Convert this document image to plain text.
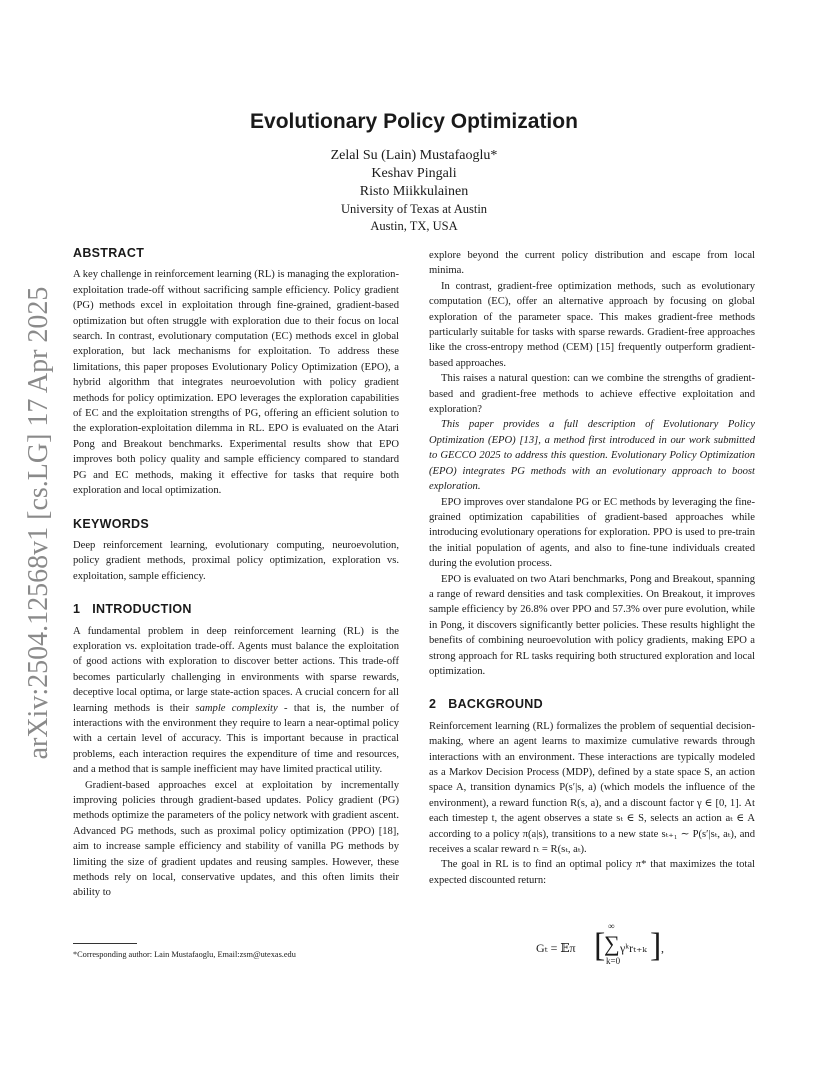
arXiv:2504.12568v1 [cs.LG] 17 Apr 2025
Evolutionary Policy Optimization
Zelal Su (Lain) Mustafaoglu*
Keshav Pingali
Risto Miikkulainen
University of Texas at Austin
Austin, TX, USA
ABSTRACT

A key challenge in reinforcement learning (RL) is managing the exploration-exploitation trade-off without sacrificing sample efficiency. Policy gradient (PG) methods excel in exploitation through fine-grained, gradient-based optimization but often struggle with exploration due to their focus on local search. In contrast, evolutionary computation (EC) methods excel in global exploration, but lack mechanisms for exploitation. To address these limitations, this paper proposes Evolutionary Policy Optimization (EPO), a hybrid algorithm that integrates neuroevolution with policy gradient methods for policy optimization. EPO leverages the exploration capabilities of EC and the exploitation strengths of PG, offering an efficient solution to the exploration-exploitation dilemma in RL. EPO is evaluated on the Atari Pong and Breakout benchmarks. Experimental results show that EPO improves both policy quality and sample efficiency compared to standard PG and EC methods, making it effective for tasks that require both exploration and local optimization.

KEYWORDS

Deep reinforcement learning, evolutionary computing, neuroevolution, policy gradient methods, proximal policy optimization, exploration vs. exploitation, sample efficiency.

1 INTRODUCTION

A fundamental problem in deep reinforcement learning (RL) is the exploration vs. exploitation trade-off. Agents must balance the exploitation of good actions with exploration to discover better actions. This trade-off becomes particularly challenging in environments with sparse rewards, deceptive local optima, or large state-action spaces. A crucial concern for all learning methods is their sample complexity - that is, the number of interactions with the environment they require to learn a near-optimal policy with a certain level of accuracy. This is important because in practical problems, each interaction requires the expenditure of time and resources, and a method that is sample inefficient may have limited practical utility.

Gradient-based approaches excel at exploitation by incrementally improving policies through gradient-based updates. Policy gradient (PG) methods optimize the parameters of the policy network with gradient ascent. Advanced PG methods, such as proximal policy optimization (PPO) [18], aim to increase sample efficiency and stability of vanilla PG methods by limiting the size of gradient updates and reusing samples. However, these methods rely on local, conservative updates, and this often limits their ability to

explore beyond the current policy distribution and escape from local minima.

In contrast, gradient-free optimization methods, such as evolutionary computation (EC), offer an alternative approach by focusing on global exploration of the parameter space. This makes gradient-free methods particularly suitable for tasks with sparse rewards. Gradient-free approaches like the cross-entropy method (CEM) [15] frequently outperform gradient-based approaches.

This raises a natural question: can we combine the strengths of gradient-based and gradient-free methods to achieve effective exploitation and exploration?

This paper provides a full description of Evolutionary Policy Optimization (EPO) [13], a method first introduced in our work submitted to GECCO 2025 to address this question. Evolutionary Policy Optimization (EPO) integrates PG methods with an evolutionary approach to boost exploration.

EPO improves over standalone PG or EC methods by leveraging the fine-grained optimization capabilities of gradient-based approaches while introducing evolutionary operations for exploration. PPO is used to pre-train the initial population of agents, and also to fine-tune individuals created during the evolution process.

EPO is evaluated on two Atari benchmarks, Pong and Breakout, spanning a range of reward densities and task complexities. On Breakout, it improves sample efficiency by 26.8% over PPO and 57.3% over pure evolution, while in Pong, it discovers significantly better policies. These results highlight the benefits of combining neuroevolution with policy gradients, making EPO a strong approach for RL tasks requiring both structured exploration and local optimization.

2 BACKGROUND

Reinforcement learning (RL) formalizes the problem of sequential decision-making, where an agent learns to maximize cumulative rewards through interactions with an environment. These interactions are typically modeled as a Markov Decision Process (MDP), defined by a state space S, an action space A, transition dynamics P(s′|s, a) (which models the influence of the environment), a reward function R(s, a), and a discount factor γ ∈ [0, 1]. At each timestep t, the agent observes a state sₜ ∈ S, selects an action aₜ ∈ A according to a policy π(a|s), transitions to a new state sₜ₊₁ ∼ P(s′|sₜ, aₜ), and receives a scalar reward rₜ = R(sₜ, aₜ).

The goal in RL is to find an optimal policy π* that maximizes the total expected discounted return:

Gₜ = 𝔼π [
∞
∑
k=0
γᵏrₜ₊ₖ ] ,
*Corresponding author: Lain Mustafaoglu, Email:zsm@utexas.edu
